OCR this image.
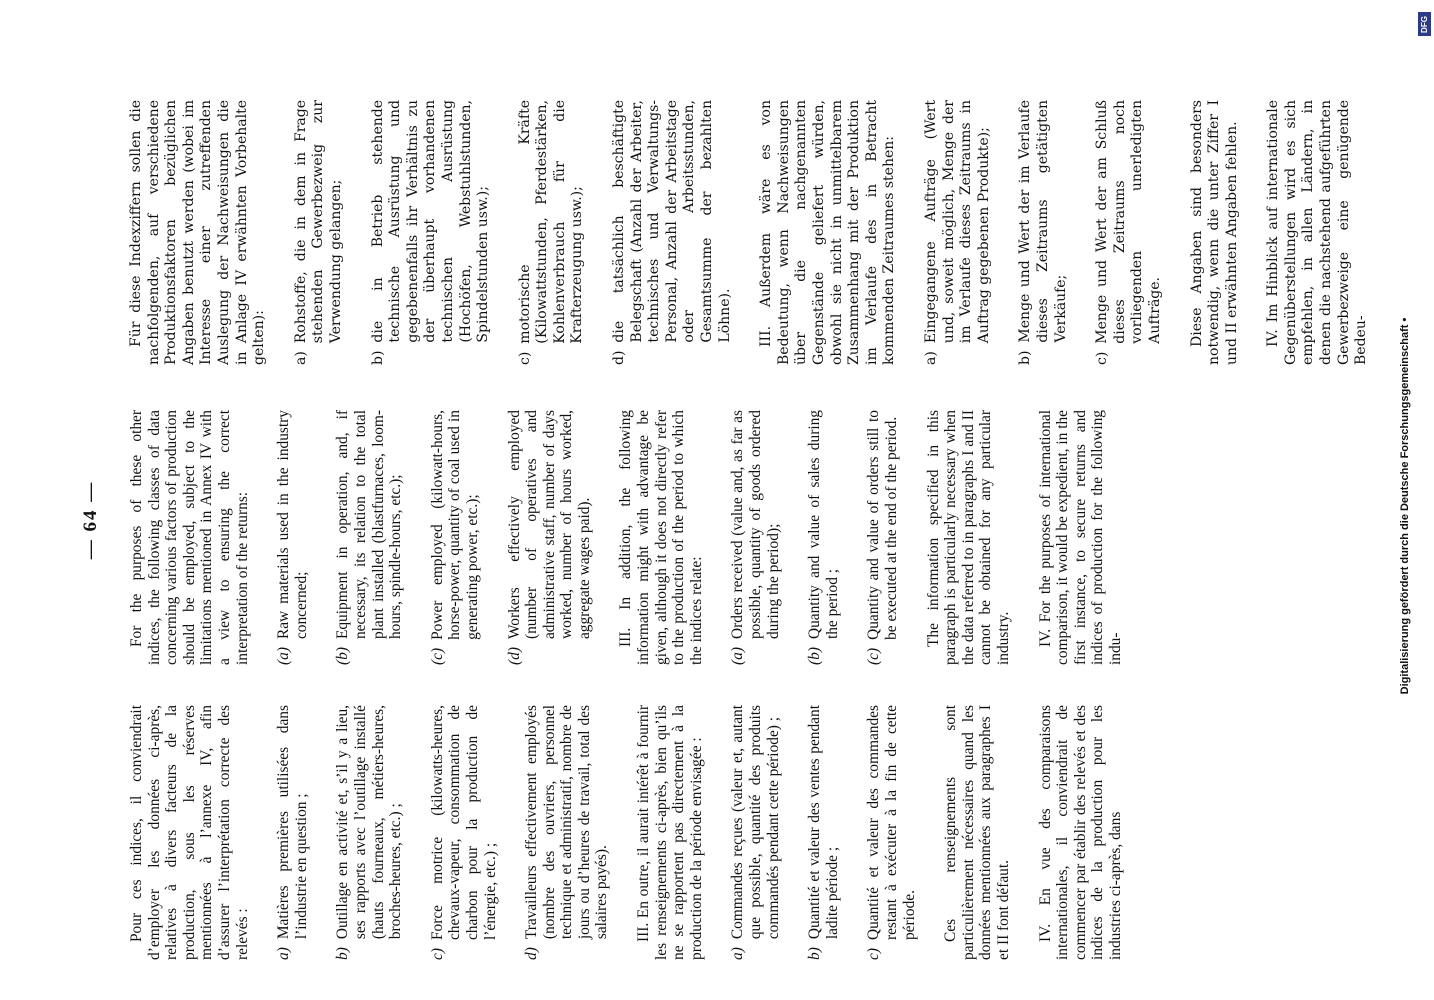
— 64 —

Pour ces indices, il conviendrait d’employer les données ci-après, relatives à divers facteurs de la production, sous les réserves mentionnées à l’annexe IV, afin d’assurer l’interprétation correcte des relevés : a)
Matières premières utilisées dans l’industrie en question ;
b)
Outillage en activité et, s’il y a lieu, ses rapports avec l’outillage installé (hauts fourneaux, métiers-heures, broches-heures, etc.) ;
c)
Force motrice (kilowatts-heures, chevaux-vapeur, consommation de charbon pour la production de l’énergie, etc.) ;
d)
Travailleurs effectivement employés (nombre des ouvriers, personnel technique et administratif, nombre de jours ou d’heures de travail, total des salaires payés). III. En outre, il aurait intérêt à fournir les renseignements ci-après, bien qu’ils ne se rapportent pas directement à la production de la période envisagée : a)
Commandes reçues (valeur et, autant que possible, quantité des produits commandés pendant cette période) ;
b)
Quantité et valeur des ventes pendant ladite période ;
c)
Quantité et valeur des commandes restant à exécuter à la fin de cette période. Ces renseignements sont particulièrement nécessaires quand les données mentionnées aux paragraphes I et II font défaut. IV. En vue des comparaisons internationales, il conviendrait de commencer par établir des relevés et des indices de la production pour les industries ci-après, dans

For the purposes of these other indices, the following classes of data concerning various factors of production should be employed, subject to the limitations mentioned in Annex IV with a view to ensuring the correct interpretation of the returns: (a)
Raw materials used in the industry concerned;
(b)
Equipment in operation, and, if necessary, its relation to the total plant installed (blastfurnaces, loom-hours, spindle-hours, etc.);
(c)
Power employed (kilowatt-hours, horse-power, quantity of coal used in generating power, etc.);
(d)
Workers effectively employed (number of operatives and administrative staff, number of days worked, number of hours worked, aggregate wages paid). III. In addition, the following information might with advantage be given, although it does not directly refer to the production of the period to which the indices relate: (a)
Orders received (value and, as far as possible, quantity of goods ordered during the period);
(b)
Quantity and value of sales during the period ;
(c)
Quantity and value of orders still to be executed at the end of the period. The information specified in this paragraph is particularly necessary when the data referred to in paragraphs I and II cannot be obtained for any particular industry. IV. For the purposes of international comparison, it would be expedient, in the first instance, to secure returns and indices of production for the following indu-

Für diese Indexziffern sollen die nachfolgenden, auf verschiedene Produktionsfaktoren bezüglichen Angaben benutzt werden (wobei im Interesse einer zutreffenden Auslegung der Nachweisungen die in Anlage IV erwähnten Vorbehalte gelten): a)
Rohstoffe, die in dem in Frage stehenden Gewerbezweig zur Verwendung gelangen;
b)
die in Betrieb stehende technische Ausrüstung und gegebenenfalls ihr Verhältnis zu der überhaupt vorhandenen technischen Ausrüstung (Hochöfen, Webstuhlstunden, Spindelstunden usw.);
c)
motorische Kräfte (Kilowattstunden, Pferdestärken, Kohlenverbrauch für die Krafterzeugung usw.);
d)
die tatsächlich beschäftigte Belegschaft (Anzahl der Arbeiter, technisches und Verwaltungs-Personal, Anzahl der Arbeitstage oder Arbeitsstunden, Gesamtsumme der bezahlten Löhne). III. Außerdem wäre es von Bedeutung, wenn Nachweisungen über die nachgenannten Gegenstände geliefert würden, obwohl sie nicht in unmittelbarem Zusammenhang mit der Produktion im Verlaufe des in Betracht kommenden Zeitraumes stehen: a)
Eingegangene Aufträge (Wert und, soweit möglich, Menge der im Verlaufe dieses Zeitraums in Auftrag gegebenen Produkte);
b)
Menge und Wert der im Verlaufe dieses Zeitraums getätigten Verkäufe;
c)
Menge und Wert der am Schluß dieses Zeitraums noch vorliegenden unerledigten Aufträge. Diese Angaben sind besonders notwendig, wenn die unter Ziffer I und II erwähnten Angaben fehlen. IV. Im Hinblick auf internationale Gegenüberstellungen wird es sich empfehlen, in allen Ländern, in denen die nachstehend aufgeführten Gewerbezweige eine genügende Bedeu-	Digitalisierung gefördert durch die Deutsche Forschungsgemeinschaft •
DFG
